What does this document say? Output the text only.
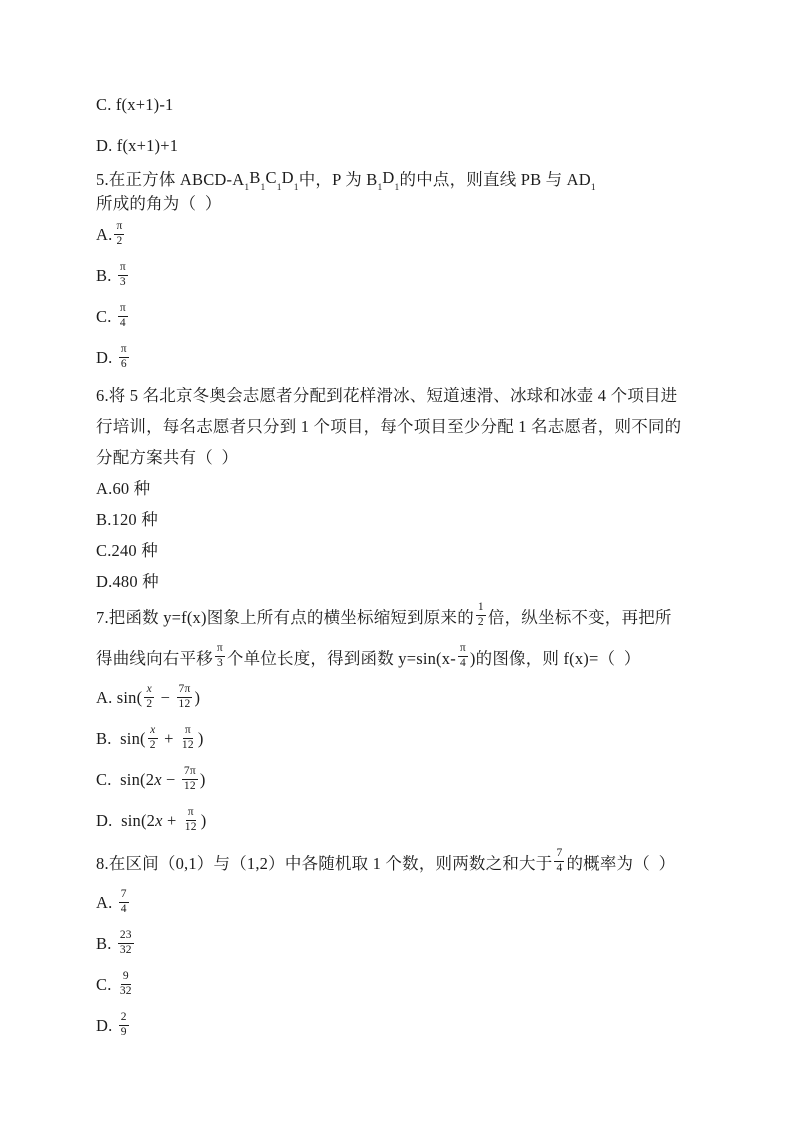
C. f(x+1)-1

D. f(x+1)+1

5.在正方体 ABCD-$A_1$
B
$_1$
C
$_1$
D
$_1$ 中，P 为 $B_1$
D
$_1$ 的中点，则直线 PB 与 $AD_1$
所成的角为（  ）

A. $\frac{\pi}{2}$

B. $\frac{\pi}{3}$

C. $\frac{\pi}{4}$

D. $\frac{\pi}{6}$

6.将 5 名北京冬奥会志愿者分配到花样滑冰、短道速滑、冰球和冰壶 4 个项目进

行培训，每名志愿者只分到 1 个项目，每个项目至少分配 1 名志愿者，则不同的

分配方案共有（  ）

A.60 种

B.120 种

C.240 种

D.480 种

7.把函数 y=f(x)图象上所有点的横坐标缩短到原来的 $\frac{1}{2}$ 倍，纵坐标不变，再把所

得曲线向右平移 $\frac{\pi}{3}$ 个单位长度，得到函数 $y=\sin(x- \frac{\pi}{4}$ )的图像，则 f(x)=（  ）

A. $\sin( \frac{x}{2} - \frac{7\pi}{12}$ )

B.  $\sin( \frac{x}{2} + \frac{\pi}{12}$ )

C.  sin(2 $x - \frac{7\pi}{12}$ )

D.  sin(2 $x + \frac{\pi}{12}$ )

8.在区间（0,1）与（1,2）中各随机取 1 个数，则两数之和大于 $\frac{7}{4}$ 的概率为（  ）

A. $\frac{7}{4}$

B. $\frac{23}{32}$

C. $\frac{9}{32}$

D. $\frac{2}{9}$
